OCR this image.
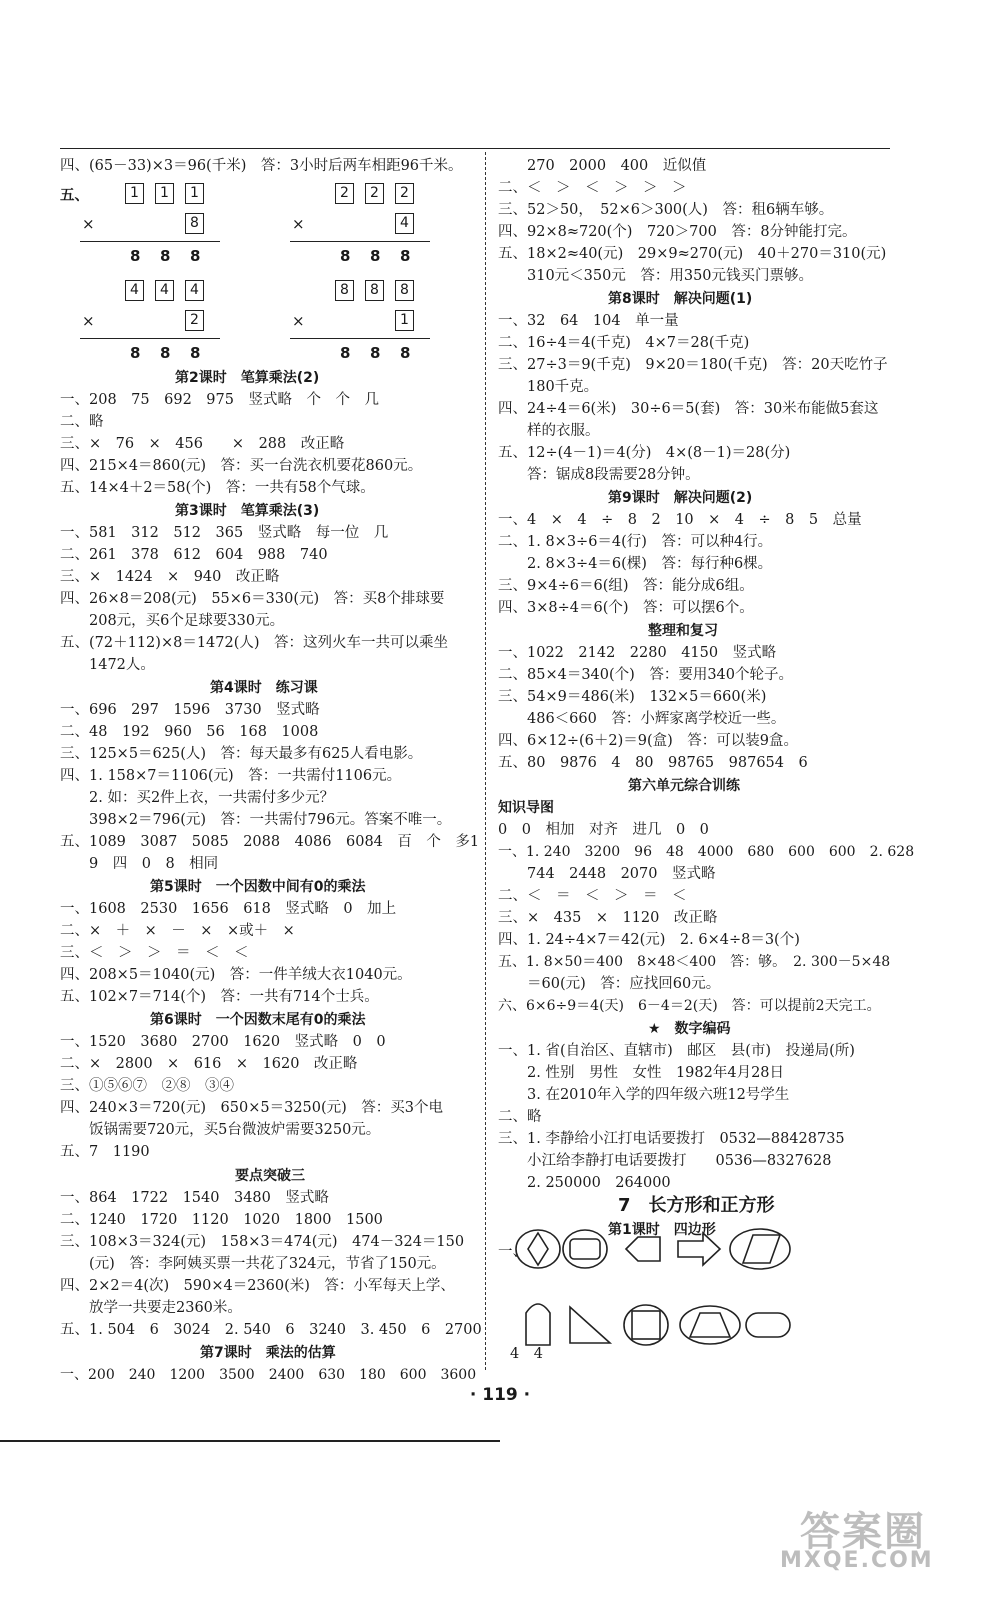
四、(65－33)×3＝96(千米)　答：3小时后两车相距96千米。
五、	1	1	1
×	8
8 8 8
2	2	2
×	4
8 8 8
4	4	4
×	2
8 8 8
8	8	8
×	1
8 8 8
第2课时　笔算乘法(2)
一、208　75　692　975　竖式略　个　个　几
二、略
三、×　76　×　456　　×　288　改正略
四、215×4＝860(元)　答：买一台洗衣机要花860元。
五、14×4＋2＝58(个)　答：一共有58个气球。
第3课时　笔算乘法(3)
一、581　312　512　365　竖式略　每一位　几
二、261　378　612　604　988　740
三、×　1424　×　940　改正略
四、26×8＝208(元)　55×6＝330(元)　答：买8个排球要
　　208元，买6个足球要330元。
五、(72＋112)×8＝1472(人)　答：这列火车一共可以乘坐
　　1472人。
第4课时　练习课
一、696　297　1596　3730　竖式略
二、48　192　960　56　168　1008
三、125×5＝625(人)　答：每天最多有625人看电影。
四、1. 158×7＝1106(元)　答：一共需付1106元。
　　2. 如：买2件上衣，一共需付多少元？
　　398×2＝796(元)　答：一共需付796元。答案不唯一。
五、1089　3087　5085　2088　4086　6084　百　个　多1
　　9　四　0　8　相同
第5课时　一个因数中间有0的乘法
一、1608　2530　1656　618　竖式略　0　加上
二、×　＋　×　－　×　×或＋　×
三、＜　＞　＞　＝　＜　＜
四、208×5＝1040(元)　答：一件羊绒大衣1040元。
五、102×7＝714(个)　答：一共有714个士兵。
第6课时　一个因数末尾有0的乘法
一、1520　3680　2700　1620　竖式略　0　0
二、×　2800　×　616　×　1620　改正略
三、①⑤⑥⑦　②⑧　③④
四、240×3＝720(元)　650×5＝3250(元)　答：买3个电
　　饭锅需要720元，买5台微波炉需要3250元。
五、7　1190
要点突破三
一、864　1722　1540　3480　竖式略
二、1240　1720　1120　1020　1800　1500
三、108×3＝324(元)　158×3＝474(元)　474－324＝150
　　(元)　答：李阿姨买票一共花了324元，节省了150元。
四、2×2＝4(次)　590×4＝2360(米)　答：小军每天上学、
　　放学一共要走2360米。
五、1. 504　6　3024　2. 540　6　3240　3. 450　6　2700
第7课时　乘法的估算
一、200　240　1200　3500　2400　630　180　600　3600
　　270　2000　400　近似值
二、＜　＞　＜　＞　＞　＞
三、52＞50，　52×6＞300(人)　答：租6辆车够。
四、92×8≈720(个)　720＞700　答：8分钟能打完。
五、18×2≈40(元)　29×9≈270(元)　40＋270＝310(元)
　　310元＜350元　答：用350元钱买门票够。
第8课时　解决问题(1)
一、32　64　104　单一量
二、16÷4＝4(千克)　4×7＝28(千克)
三、27÷3＝9(千克)　9×20＝180(千克)　答：20天吃竹子
　　180千克。
四、24÷4＝6(米)　30÷6＝5(套)　答：30米布能做5套这
　　样的衣服。
五、12÷(4－1)＝4(分)　4×(8－1)＝28(分)
　　答：锯成8段需要28分钟。
第9课时　解决问题(2)
一、4　×　4　÷　8　2　10　×　4　÷　8　5　总量
二、1. 8×3÷6＝4(行)　答：可以种4行。
　　2. 8×3÷4＝6(棵)　答：每行种6棵。
三、9×4÷6＝6(组)　答：能分成6组。
四、3×8÷4＝6(个)　答：可以摆6个。
整理和复习
一、1022　2142　2280　4150　竖式略
二、85×4＝340(个)　答：要用340个轮子。
三、54×9＝486(米)　132×5＝660(米)
　　486＜660　答：小辉家离学校近一些。
四、6×12÷(6＋2)＝9(盒)　答：可以装9盒。
五、80　9876　4　80　98765　987654　6
第六单元综合训练
知识导图
0　0　相加　对齐　进几　0　0
一、1. 240　3200　96　48　4000　680　600　600　2. 628
　　744　2448　2070　竖式略
二、＜　＝　＜　＞　＝　＜
三、×　435　×　1120　改正略
四、1. 24÷4×7＝42(元)　2. 6×4÷8＝3(个)
五、1. 8×50＝400　8×48＜400　答：够。　2. 300－5×48
　　＝60(元)　答：应找回60元。
六、6×6÷9＝4(天)　6－4＝2(天)　答：可以提前2天完工。
★　数字编码
一、1. 省(自治区、直辖市)　邮区　县(市)　投递局(所)
　　2. 性别　男性　女性　1982年4月28日
　　3. 在2010年入学的四年级六班12号学生
二、略
三、1. 李静给小江打电话要拨打　0532—88428735
　　小江给李静打电话要拨打　　0536—8327628
　　2. 250000　264000
7　长方形和正方形
第1课时　四边形
一、
4　4
· 119 ·
答案圈
MXQE.COM
